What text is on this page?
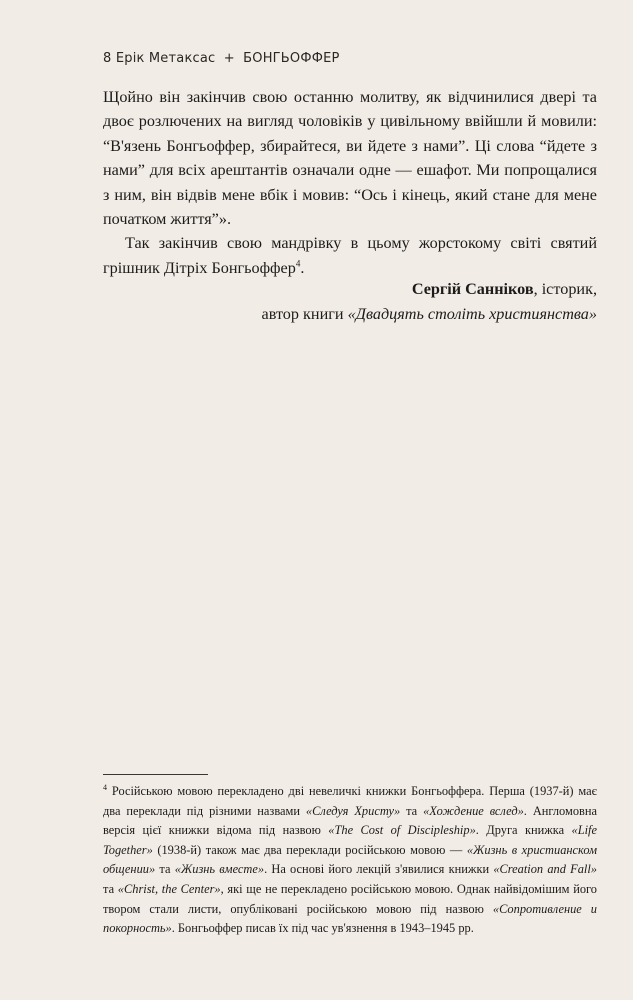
8 Ерік Метаксас + БОНГЬОФФЕР

Щойно він закінчив свою останню молитву, як відчинилися двері та двоє розлючених на вигляд чоловіків у цивільному ввійшли й мовили: “В'язень Бонгьоффер, збирайтеся, ви йдете з нами”. Ці слова “йдете з нами” для всіх арештантів означали одне — ешафот. Ми попрощалися з ним, він відвів мене вбік і мовив: “Ось і кінець, який стане для мене початком життя”».

Так закінчив свою мандрівку в цьому жорстокому світі святий грішник Дітріх Бонгьоффер$^4$.

Сергій Санніков, історик,
автор книги «Двадцять століть християнства»
$^4$ Російською мовою перекладено дві невеличкі книжки Бонгьоффера. Перша (1937-й) має два переклади під різними назвами «Следуя Христу» та «Хождение вслед». Англомовна версія цієї книжки відома під назвою «The Cost of Discipleship». Друга книжка «Life Together» (1938-й) також має два переклади російською мовою — «Жизнь в христианском общении» та «Жизнь вместе». На основі його лекцій з'явилися книжки «Creation and Fall» та «Christ, the Center», які ще не перекладено російською мовою. Однак найвідомішим його твором стали листи, опубліковані російською мовою під назвою «Сопротивление и покорность». Бонгьоффер писав їх під час ув'язнення в 1943–1945 рр.
